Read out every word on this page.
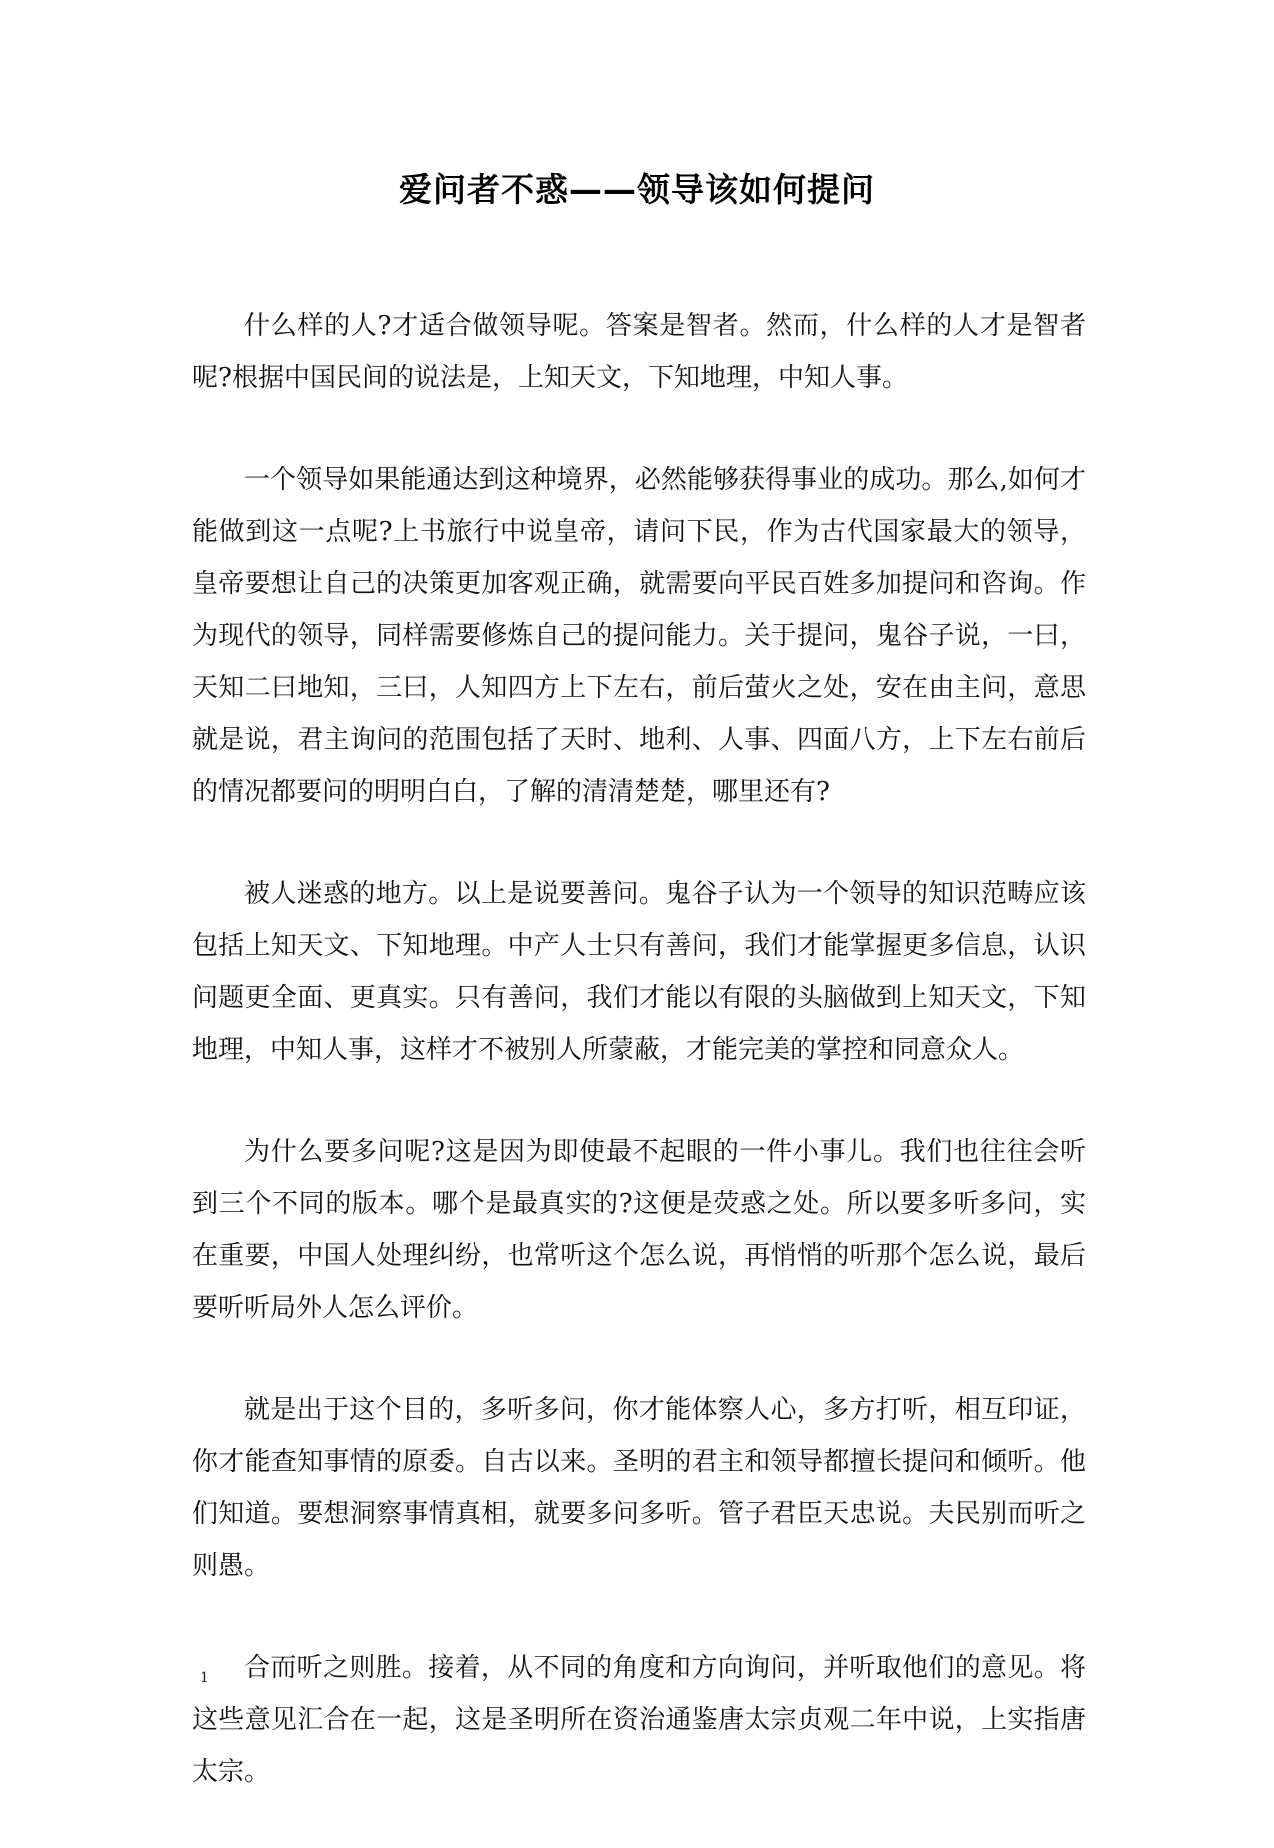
爱问者不惑——领导该如何提问

什么样的人?才适合做领导呢。答案是智者。然而，什么样的人才是智者呢?根据中国民间的说法是，上知天文，下知地理，中知人事。

一个领导如果能通达到这种境界，必然能够获得事业的成功。那么,如何才能做到这一点呢?上书旅行中说皇帝，请问下民，作为古代国家最大的领导，皇帝要想让自己的决策更加客观正确，就需要向平民百姓多加提问和咨询。作为现代的领导，同样需要修炼自己的提问能力。关于提问，鬼谷子说，一曰，天知二曰地知，三曰，人知四方上下左右，前后萤火之处，安在由主问，意思就是说，君主询问的范围包括了天时、地利、人事、四面八方，上下左右前后的情况都要问的明明白白，了解的清清楚楚，哪里还有?

被人迷惑的地方。以上是说要善问。鬼谷子认为一个领导的知识范畴应该包括上知天文、下知地理。中产人士只有善问，我们才能掌握更多信息，认识问题更全面、更真实。只有善问，我们才能以有限的头脑做到上知天文，下知地理，中知人事，这样才不被别人所蒙蔽，才能完美的掌控和同意众人。

为什么要多问呢?这是因为即使最不起眼的一件小事儿。我们也往往会听到三个不同的版本。哪个是最真实的?这便是荧惑之处。所以要多听多问，实在重要，中国人处理纠纷，也常听这个怎么说，再悄悄的听那个怎么说，最后要听听局外人怎么评价。

就是出于这个目的，多听多问，你才能体察人心，多方打听，相互印证，你才能查知事情的原委。自古以来。圣明的君主和领导都擅长提问和倾听。他们知道。要想洞察事情真相，就要多问多听。管子君臣天忠说。夫民别而听之则愚。

合而听之则胜。接着，从不同的角度和方向询问，并听取他们的意见。将这些意见汇合在一起，这是圣明所在资治通鉴唐太宗贞观二年中说，上实指唐太宗。

1
